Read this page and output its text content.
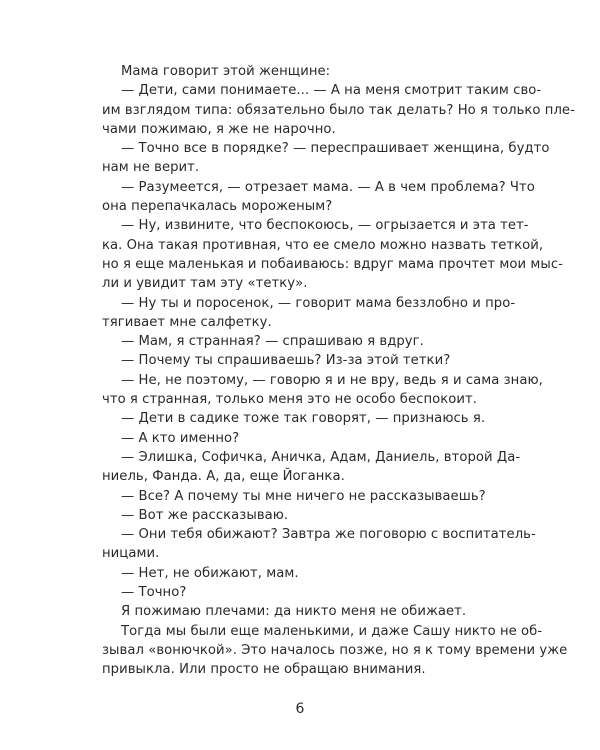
Мама говорит этой женщине:
— Дети, сами понимаете... — А на меня смотрит таким сво-
им взглядом типа: обязательно было так делать? Но я только пле-
чами пожимаю, я же не нарочно.
— Точно все в порядке? — переспрашивает женщина, будто
нам не верит.
— Разумеется, — отрезает мама. — А в чем проблема? Что
она перепачкалась мороженым?
— Ну, извините, что беспокоюсь, — огрызается и эта тет-
ка. Она такая противная, что ее смело можно назвать теткой,
но я еще маленькая и побаиваюсь: вдруг мама прочтет мои мыс-
ли и увидит там эту «тетку».
— Ну ты и поросенок, — говорит мама беззлобно и про-
тягивает мне салфетку.
— Мам, я странная? — спрашиваю я вдруг.
— Почему ты спрашиваешь? Из-за этой тетки?
— Не, не поэтому, — говорю я и не вру, ведь я и сама знаю,
что я странная, только меня это не особо беспокоит.
— Дети в садике тоже так говорят, — признаюсь я.
— А кто именно?
— Элишка, Софичка, Аничка, Адам, Даниель, второй Да-
ниель, Фанда. А, да, еще Йоганка.
— Все? А почему ты мне ничего не рассказываешь?
— Вот же рассказываю.
— Они тебя обижают? Завтра же поговорю с воспитатель-
ницами.
— Нет, не обижают, мам.
— Точно?
Я пожимаю плечами: да никто меня не обижает.
Тогда мы были еще маленькими, и даже Сашу никто не об-
зывал «вонючкой». Это началось позже, но я к тому времени уже
привыкла. Или просто не обращаю внимания.
6
